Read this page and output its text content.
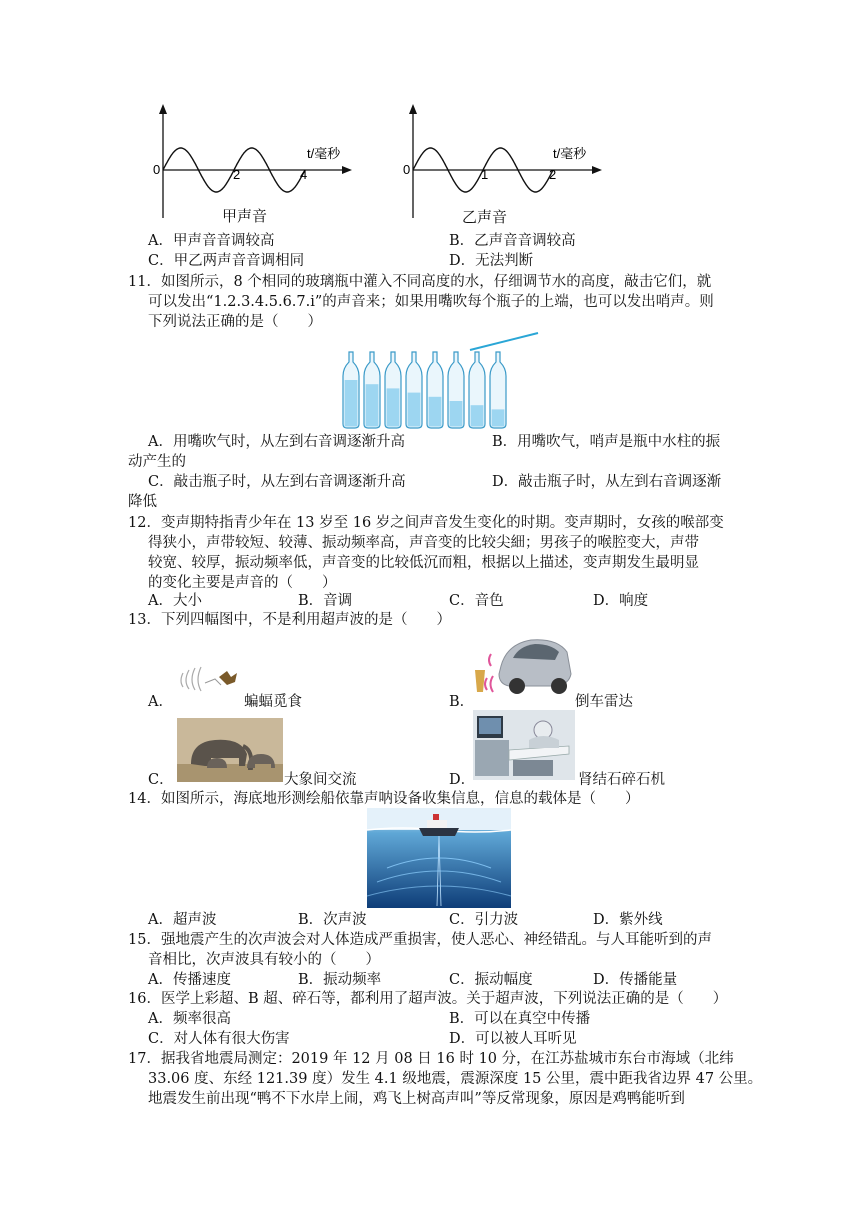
0	2	4
t/毫秒
甲声音
0	1	2
t/毫秒
乙声音
A．甲声音音调较高	B．乙声音音调较高
C．甲乙两声音音调相同	D．无法判断
11．如图所示，8 个相同的玻璃瓶中灌入不同高度的水，仔细调节水的高度，敲击它们，就
可以发出“1.2.3.4.5.6.7.i”的声音来；如果用嘴吹每个瓶子的上端，也可以发出哨声。则
下列说法正确的是（　　）
A．用嘴吹气时，从左到右音调逐渐升高	B．用嘴吹气，哨声是瓶中水柱的振
动产生的
C．敲击瓶子时，从左到右音调逐渐升高	D．敲击瓶子时，从左到右音调逐渐
降低
12．变声期特指青少年在 13 岁至 16 岁之间声音发生变化的时期。变声期时，女孩的喉部变
得狭小，声带较短、较薄、振动频率高，声音变的比较尖細；男孩子的喉腔变大，声带
较宽、较厚，振动频率低，声音变的比较低沉而粗，根据以上描述，变声期发生最明显
的变化主要是声音的（　　）
A．大小	B．音调	C．音色	D．响度
13．下列四幅图中，不是利用超声波的是（　　）
A．	蝙蝠觅食	B．	倒车雷达
C．	大象间交流	D．	肾结石碎石机
14．如图所示，海底地形测绘船依靠声呐设备收集信息，信息的载体是（　　）
A．超声波	B．次声波	C．引力波	D．紫外线
15．强地震产生的次声波会对人体造成严重损害，使人恶心、神经错乱。与人耳能听到的声
音相比，次声波具有较小的（　　）
A．传播速度	B．振动频率	C．振动幅度	D．传播能量
16．医学上彩超、B 超、碎石等，都利用了超声波。关于超声波，下列说法正确的是（　　）
A．频率很高	B．可以在真空中传播
C．对人体有很大伤害	D．可以被人耳听见
17．据我省地震局测定：2019 年 12 月 08 日 16 时 10 分，在江苏盐城市东台市海域（北纬
33.06 度、东经 121.39 度）发生 4.1 级地震，震源深度 15 公里，震中距我省边界 47 公里。
地震发生前出现“鸭不下水岸上闹，鸡飞上树高声叫”等反常现象，原因是鸡鸭能听到
